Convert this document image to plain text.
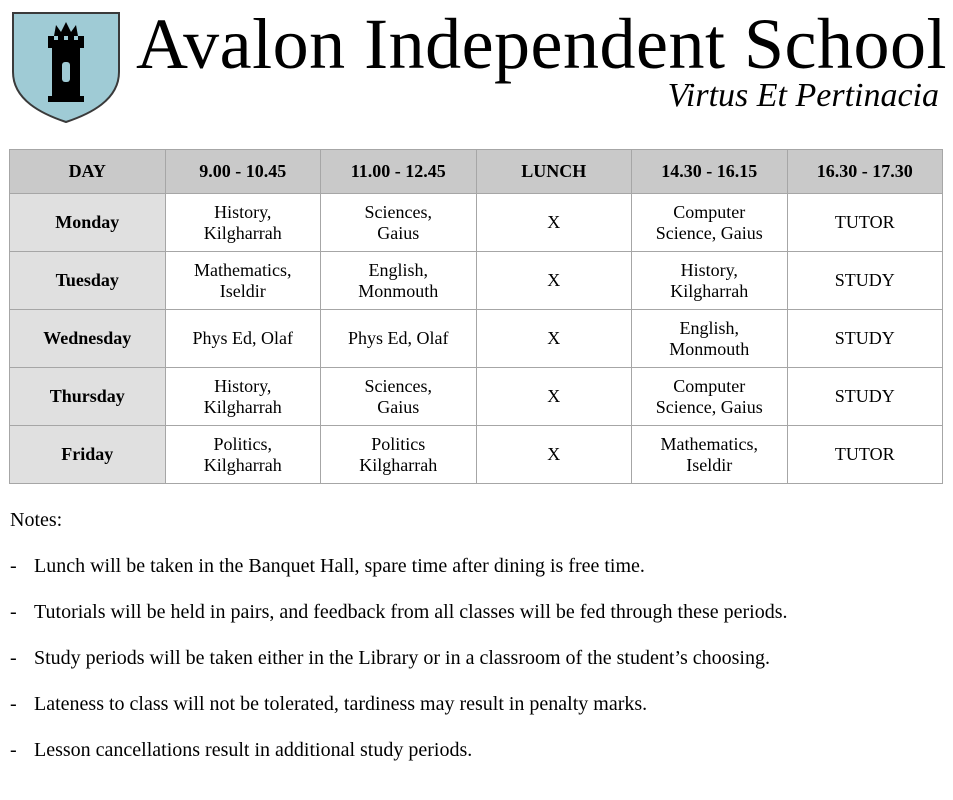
Avalon Independent School
Virtus Et Pertinacia
DAY	9.00 - 10.45	11.00 - 12.45	LUNCH	14.30 - 16.15	16.30 - 17.30
Monday	History,
Kilgharrah	Sciences,
Gaius	X	Computer
Science, Gaius	TUTOR

Tuesday	Mathematics,
Iseldir	English,
Monmouth	X	History,
Kilgharrah	STUDY

Wednesday	Phys Ed, Olaf	Phys Ed, Olaf	X	English,
Monmouth	STUDY

Thursday	History,
Kilgharrah	Sciences,
Gaius	X	Computer
Science, Gaius	STUDY

Friday	Politics,
Kilgharrah	Politics
Kilgharrah	X	Mathematics,
Iseldir	TUTOR

Notes:

- Lunch will be taken in the Banquet Hall, spare time after dining is free time.
- Tutorials will be held in pairs, and feedback from all classes will be fed through these periods.
- Study periods will be taken either in the Library or in a classroom of the student’s choosing.
- Lateness to class will not be tolerated, tardiness may result in penalty marks.
- Lesson cancellations result in additional study periods.
